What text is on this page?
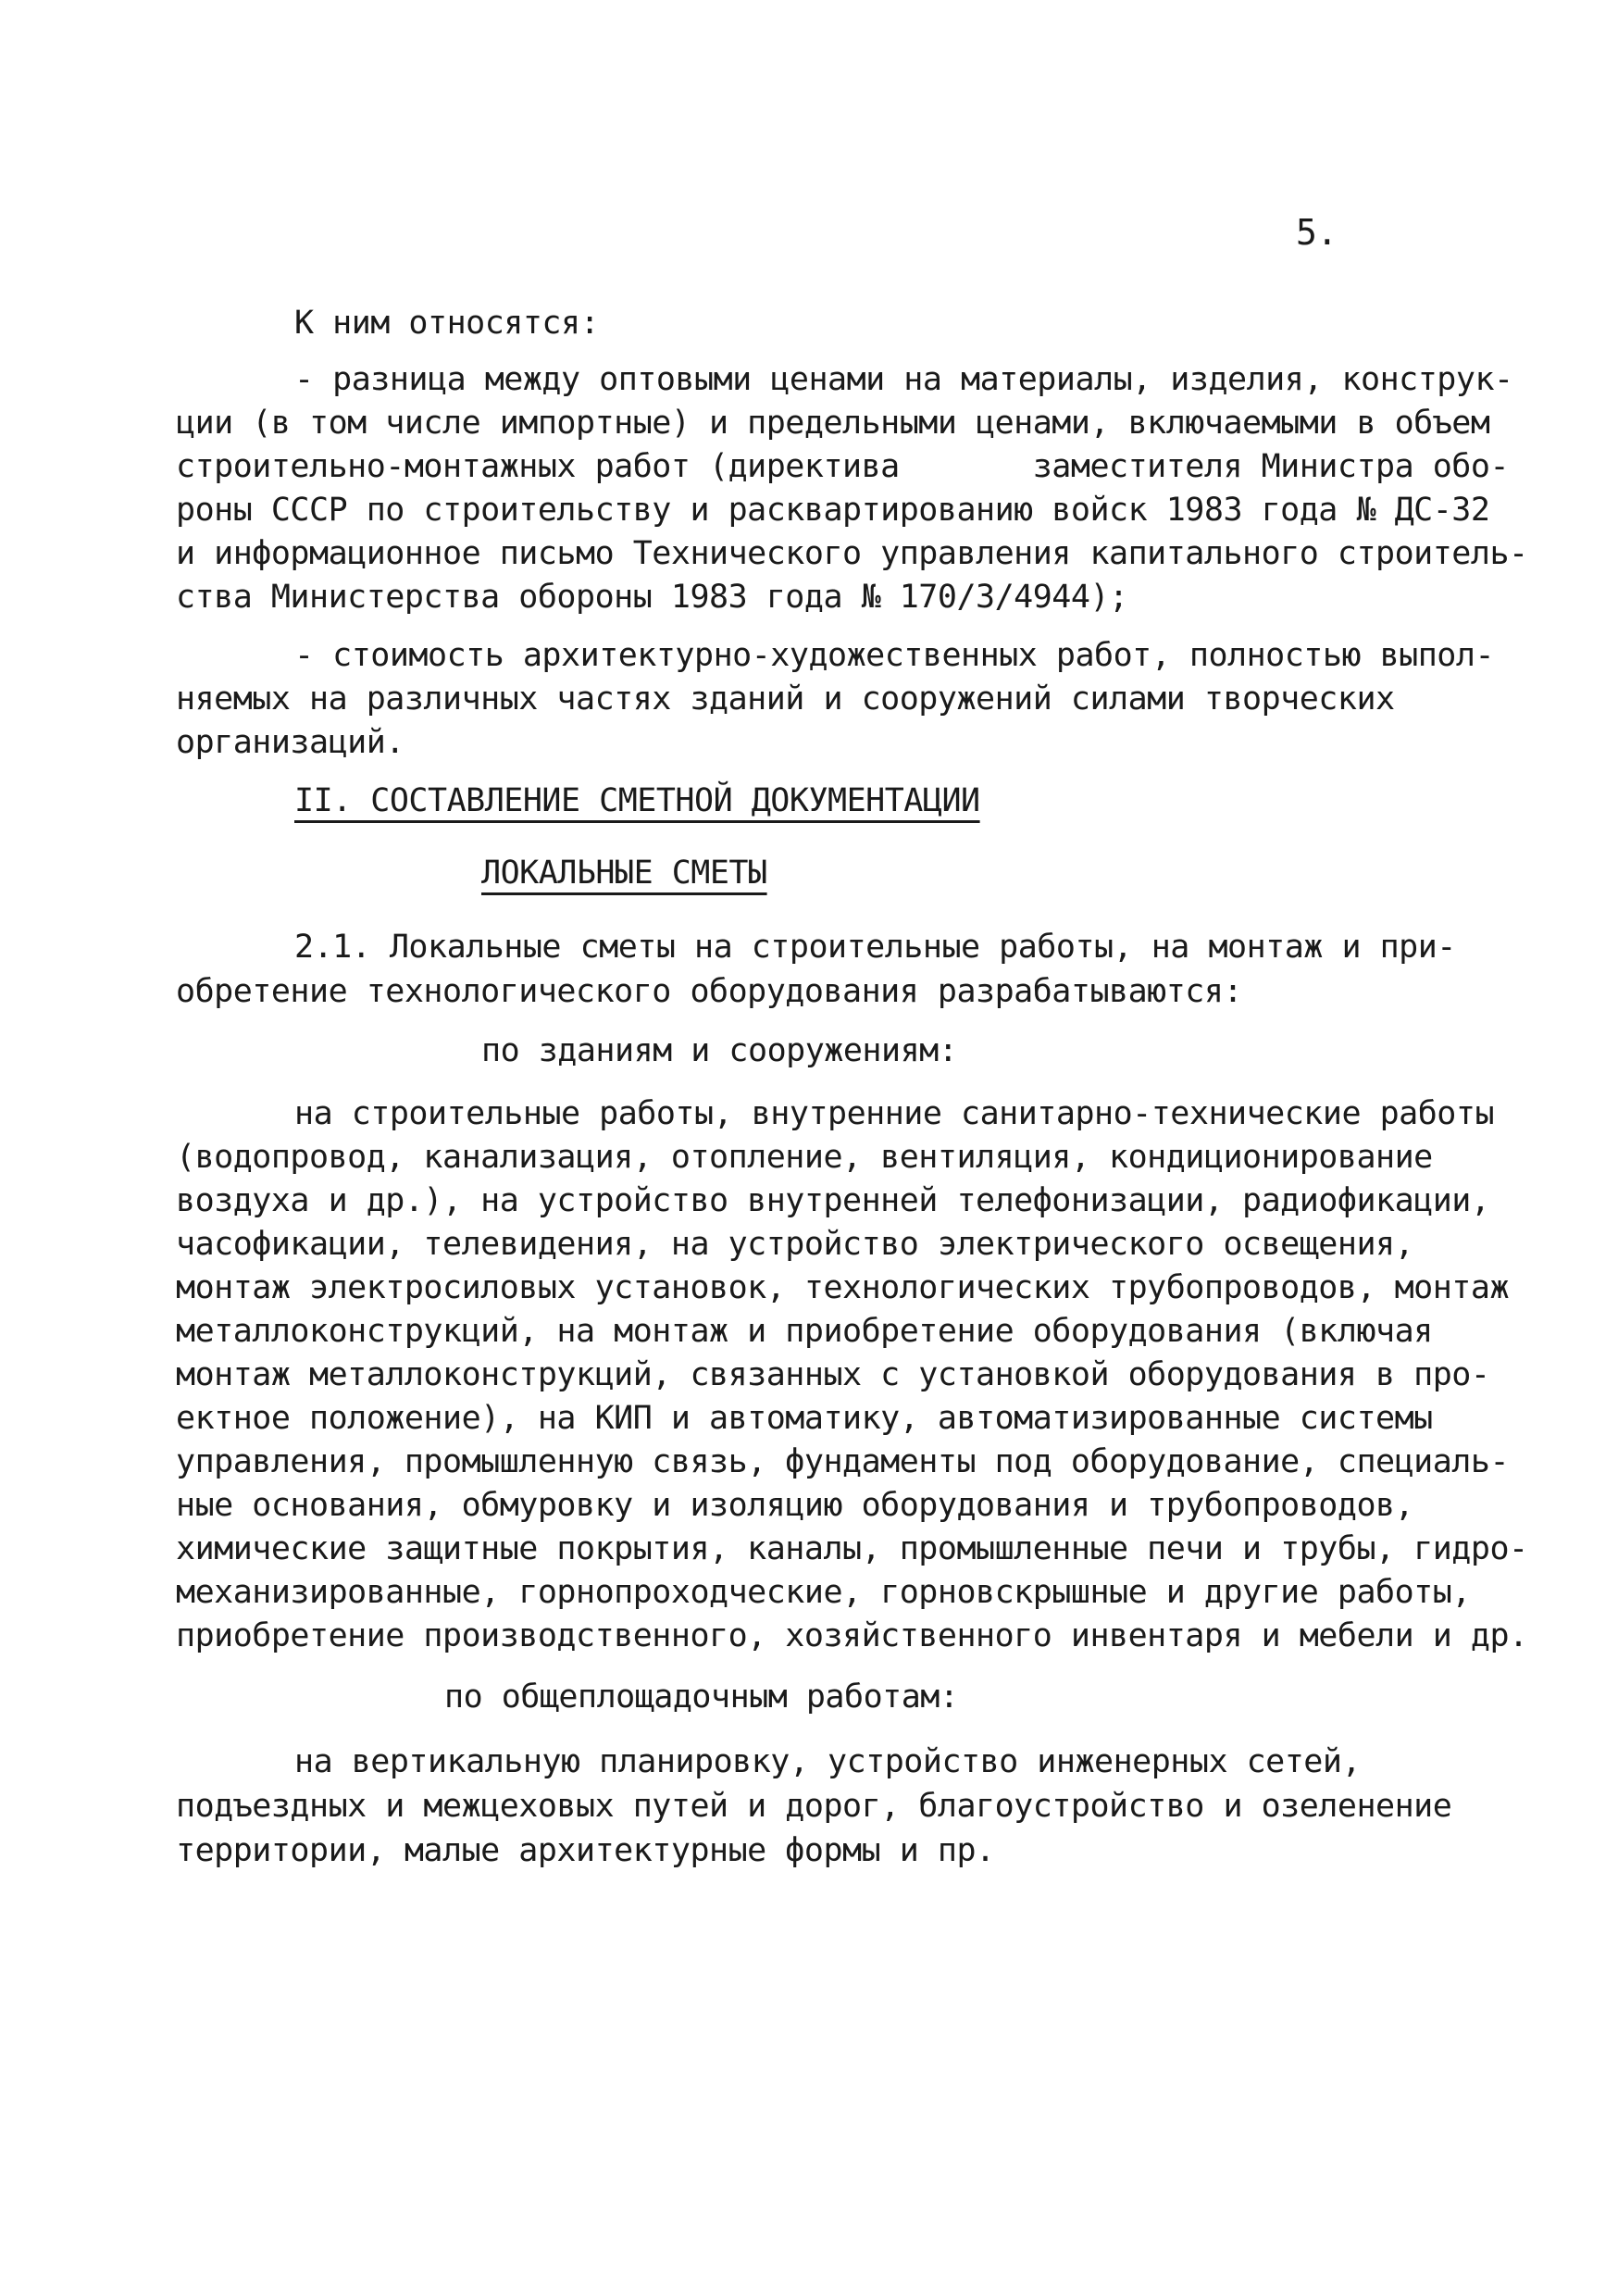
5.
К ним относятся:
- разница между оптовыми ценами на материалы, изделия, конструк-
ции (в том числе импортные) и предельными ценами, включаемыми в объем
строительно-монтажных работ (директива       заместителя Министра обо-
роны СССР по строительству и расквартированию войск 1983 года № ДС-32
и информационное письмо Технического управления капитального строитель-
ства Министерства обороны 1983 года № 170/3/4944);
- стоимость архитектурно-художественных работ, полностью выпол-
няемых на различных частях зданий и сооружений силами творческих
организаций.
II. СОСТАВЛЕНИЕ СМЕТНОЙ ДОКУМЕНТАЦИИ
ЛОКАЛЬНЫЕ СМЕТЫ
2.1. Локальные сметы на строительные работы, на монтаж и при-
обретение технологического оборудования разрабатываются:
по зданиям и сооружениям:
на строительные работы, внутренние санитарно-технические работы
(водопровод, канализация, отопление, вентиляция, кондиционирование
воздуха и др.), на устройство внутренней телефонизации, радиофикации,
часофикации, телевидения, на устройство электрического освещения,
монтаж электросиловых установок, технологических трубопроводов, монтаж
металлоконструкций, на монтаж и приобретение оборудования (включая
монтаж металлоконструкций, связанных с установкой оборудования в про-
ектное положение), на КИП и автоматику, автоматизированные системы
управления, промышленную связь, фундаменты под оборудование, специаль-
ные основания, обмуровку и изоляцию оборудования и трубопроводов,
химические защитные покрытия, каналы, промышленные печи и трубы, гидро-
механизированные, горнопроходческие, горновскрышные и другие работы,
приобретение производственного, хозяйственного инвентаря и мебели и др.
по общеплощадочным работам:
на вертикальную планировку, устройство инженерных сетей,
подъездных и межцеховых путей и дорог, благоустройство и озеленение
территории, малые архитектурные формы и пр.
